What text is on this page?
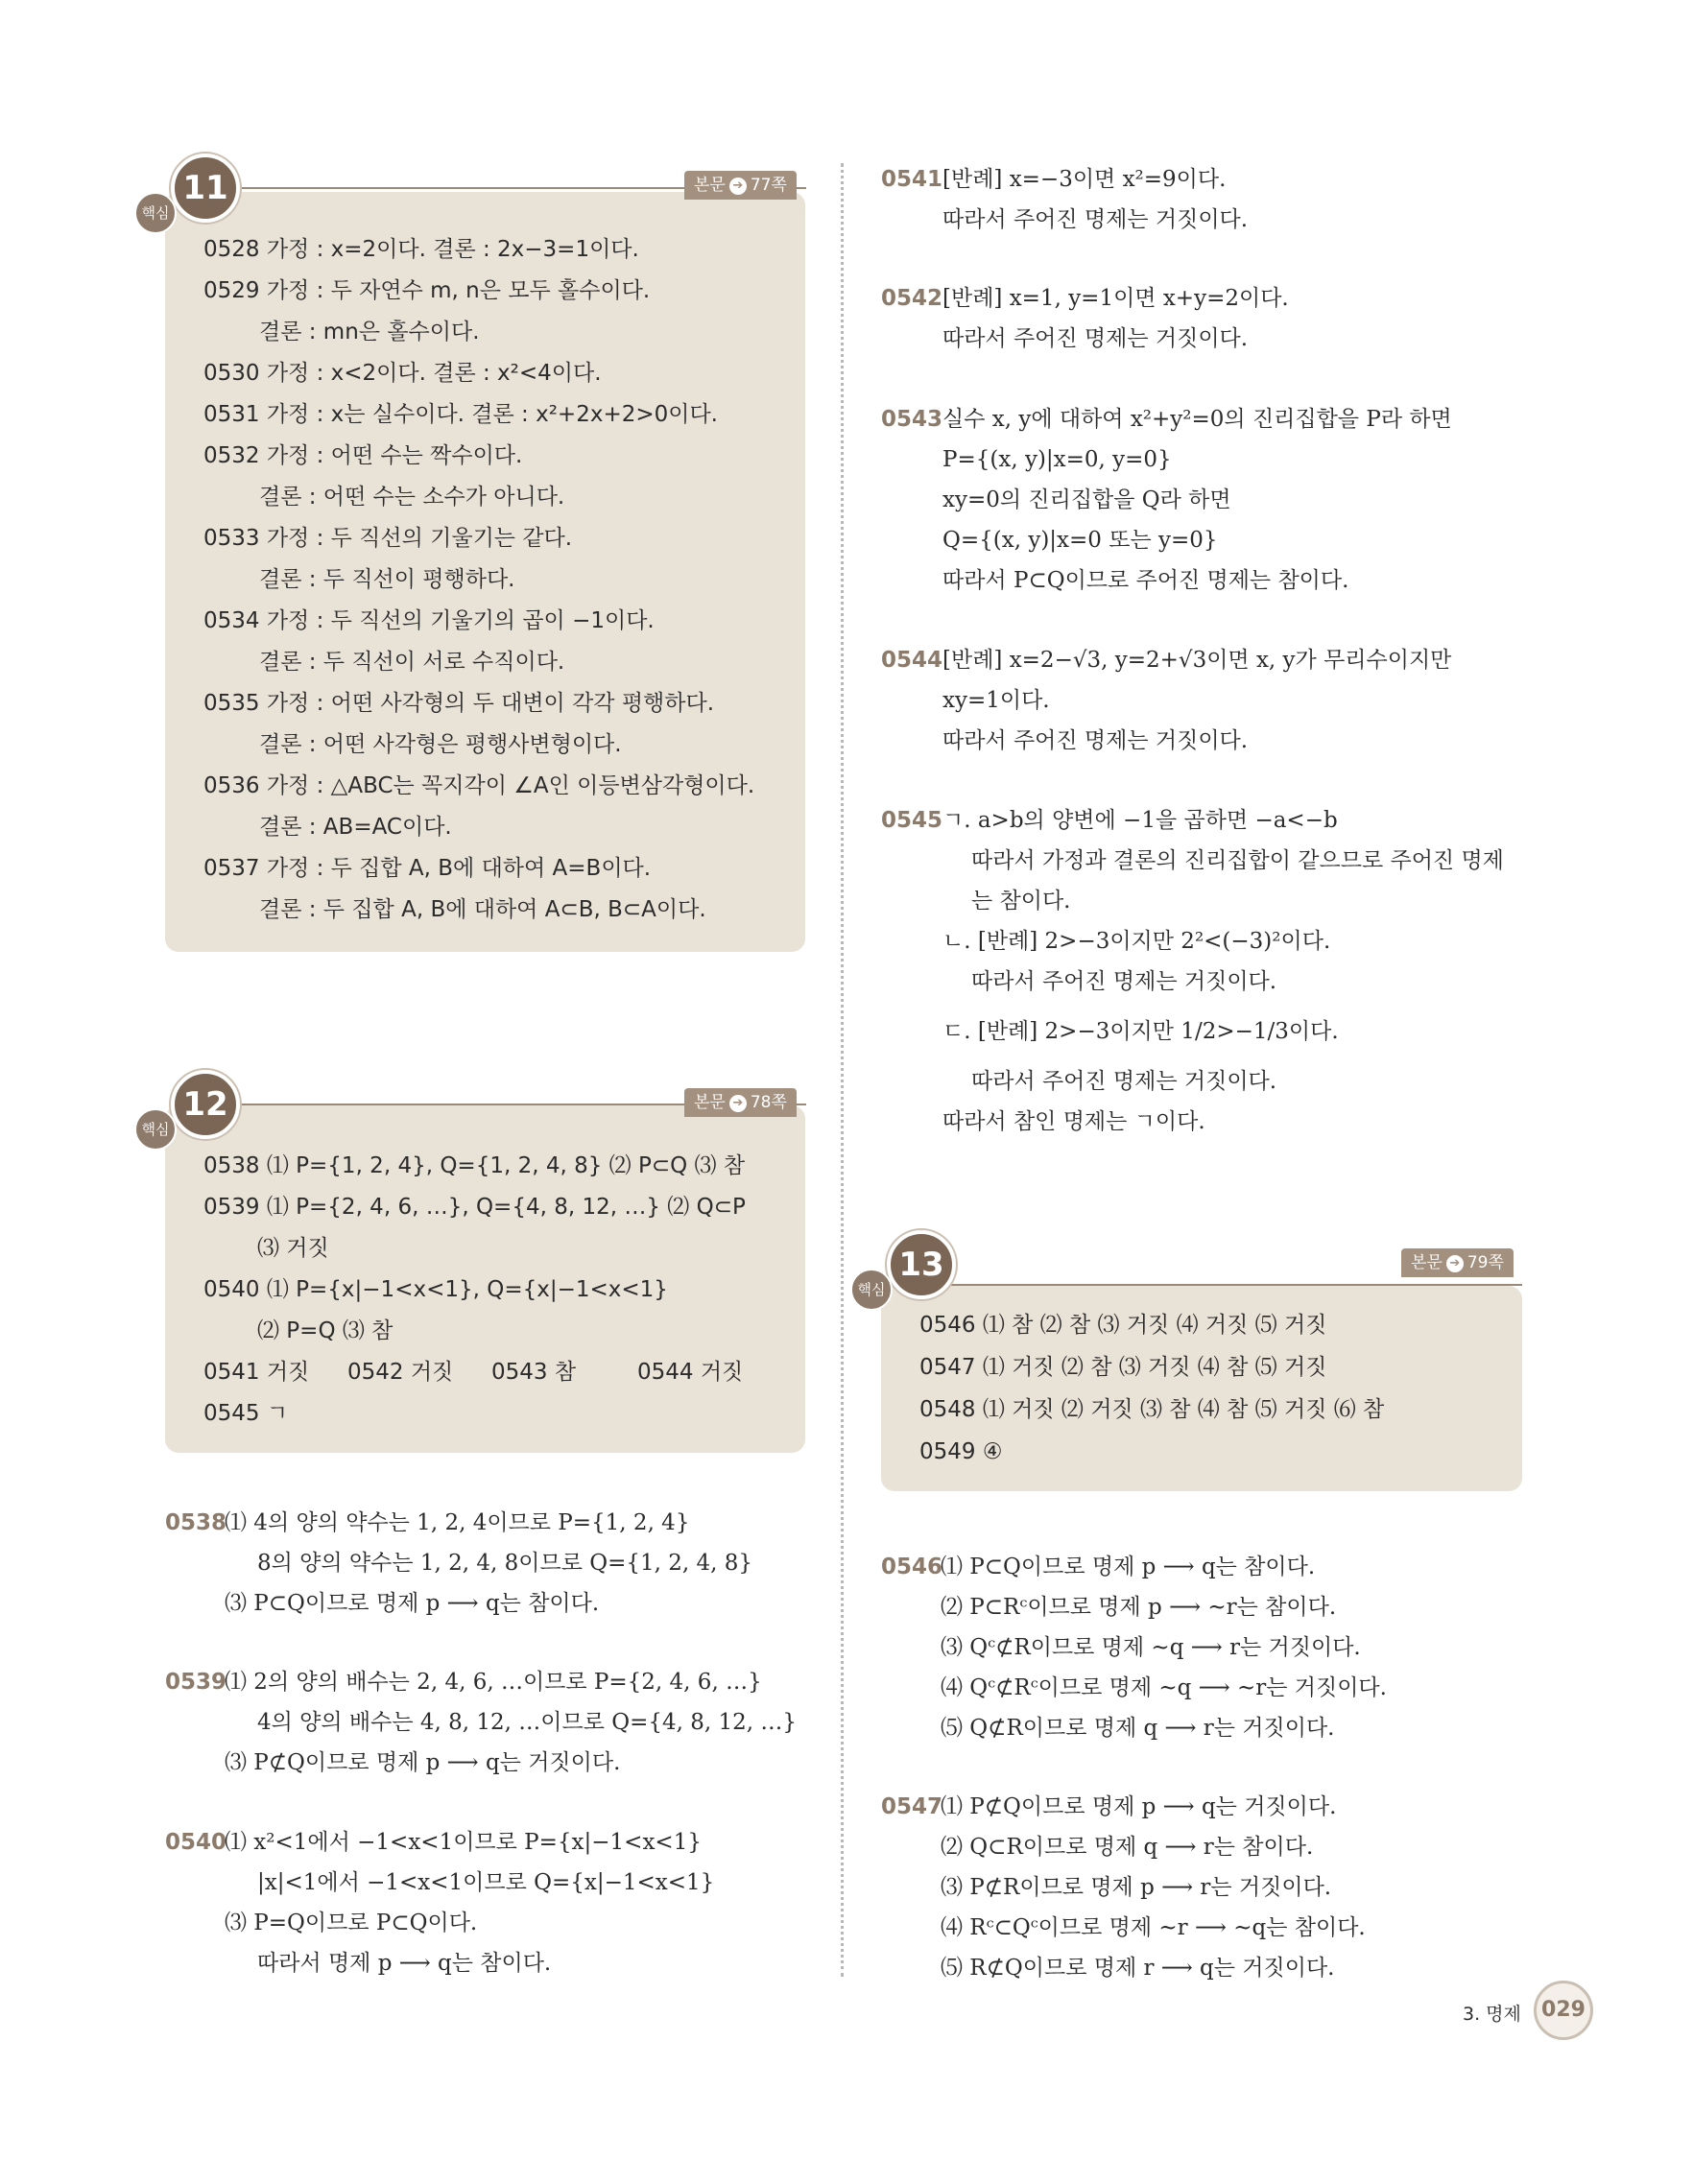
본문 ➔ 77쪽
11
핵심
0528 가정 : x=2이다. 결론 : 2x−3=1이다.
0529 가정 : 두 자연수 m, n은 모두 홀수이다.
결론 : mn은 홀수이다.
0530 가정 : x<2이다. 결론 : x²<4이다.
0531 가정 : x는 실수이다. 결론 : x²+2x+2>0이다.
0532 가정 : 어떤 수는 짝수이다.
결론 : 어떤 수는 소수가 아니다.
0533 가정 : 두 직선의 기울기는 같다.
결론 : 두 직선이 평행하다.
0534 가정 : 두 직선의 기울기의 곱이 −1이다.
결론 : 두 직선이 서로 수직이다.
0535 가정 : 어떤 사각형의 두 대변이 각각 평행하다.
결론 : 어떤 사각형은 평행사변형이다.
0536 가정 : △ABC는 꼭지각이 ∠A인 이등변삼각형이다.
결론 : AB=AC이다.
0537 가정 : 두 집합 A, B에 대하여 A=B이다.
결론 : 두 집합 A, B에 대하여 A⊂B, B⊂A이다.
본문 ➔ 78쪽
12
핵심
0538 ⑴ P={1, 2, 4}, Q={1, 2, 4, 8} ⑵ P⊂Q ⑶ 참
0539 ⑴ P={2, 4, 6, …}, Q={4, 8, 12, …} ⑵ Q⊂P
⑶ 거짓
0540 ⑴ P={x|−1<x<1}, Q={x|−1<x<1}
⑵ P=Q ⑶ 참
0541 거짓 0542 거짓 0543 참	0544 거짓
0545 ㄱ
0538
⑴ 4의 양의 약수는 1, 2, 4이므로 P={1, 2, 4}
8의 양의 약수는 1, 2, 4, 8이므로 Q={1, 2, 4, 8}
⑶ P⊂Q이므로 명제 p ⟶ q는 참이다.
0539
⑴ 2의 양의 배수는 2, 4, 6, …이므로 P={2, 4, 6, …}
4의 양의 배수는 4, 8, 12, …이므로 Q={4, 8, 12, …}
⑶ P⊄Q이므로 명제 p ⟶ q는 거짓이다.
0540
⑴ x²<1에서 −1<x<1이므로 P={x|−1<x<1}
|x|<1에서 −1<x<1이므로 Q={x|−1<x<1}
⑶ P=Q이므로 P⊂Q이다.
따라서 명제 p ⟶ q는 참이다.
0541 [반례] x=−3이면 x²=9이다.
따라서 주어진 명제는 거짓이다.
0542 [반례] x=1, y=1이면 x+y=2이다.
따라서 주어진 명제는 거짓이다.
0543 실수 x, y에 대하여 x²+y²=0의 진리집합을 P라 하면
P={(x, y)|x=0, y=0}
xy=0의 진리집합을 Q라 하면
Q={(x, y)|x=0 또는 y=0}
따라서 P⊂Q이므로 주어진 명제는 참이다.
0544 [반례] x=2−√3, y=2+√3이면 x, y가 무리수이지만
xy=1이다.
따라서 주어진 명제는 거짓이다.
0545 ㄱ. a>b의 양변에 −1을 곱하면 −a<−b
따라서 가정과 결론의 진리집합이 같으므로 주어진 명제
는 참이다.
ㄴ. [반례] 2>−3이지만 2²<(−3)²이다.
따라서 주어진 명제는 거짓이다.
ㄷ. [반례] 2>−3이지만 1/2>−1/3이다.
따라서 주어진 명제는 거짓이다.
따라서 참인 명제는 ㄱ이다.
본문 ➔ 79쪽
13
핵심
0546 ⑴ 참 ⑵ 참 ⑶ 거짓 ⑷ 거짓 ⑸ 거짓
0547 ⑴ 거짓 ⑵ 참 ⑶ 거짓 ⑷ 참 ⑸ 거짓
0548 ⑴ 거짓 ⑵ 거짓 ⑶ 참 ⑷ 참 ⑸ 거짓 ⑹ 참
0549 ④
0546
⑴ P⊂Q이므로 명제 p ⟶ q는 참이다.
⑵ P⊂Rᶜ이므로 명제 p ⟶ ~r는 참이다.
⑶ Qᶜ⊄R이므로 명제 ~q ⟶ r는 거짓이다.
⑷ Qᶜ⊄Rᶜ이므로 명제 ~q ⟶ ~r는 거짓이다.
⑸ Q⊄R이므로 명제 q ⟶ r는 거짓이다.
0547
⑴ P⊄Q이므로 명제 p ⟶ q는 거짓이다.
⑵ Q⊂R이므로 명제 q ⟶ r는 참이다.
⑶ P⊄R이므로 명제 p ⟶ r는 거짓이다.
⑷ Rᶜ⊂Qᶜ이므로 명제 ~r ⟶ ~q는 참이다.
⑸ R⊄Q이므로 명제 r ⟶ q는 거짓이다.
3. 명제 029
